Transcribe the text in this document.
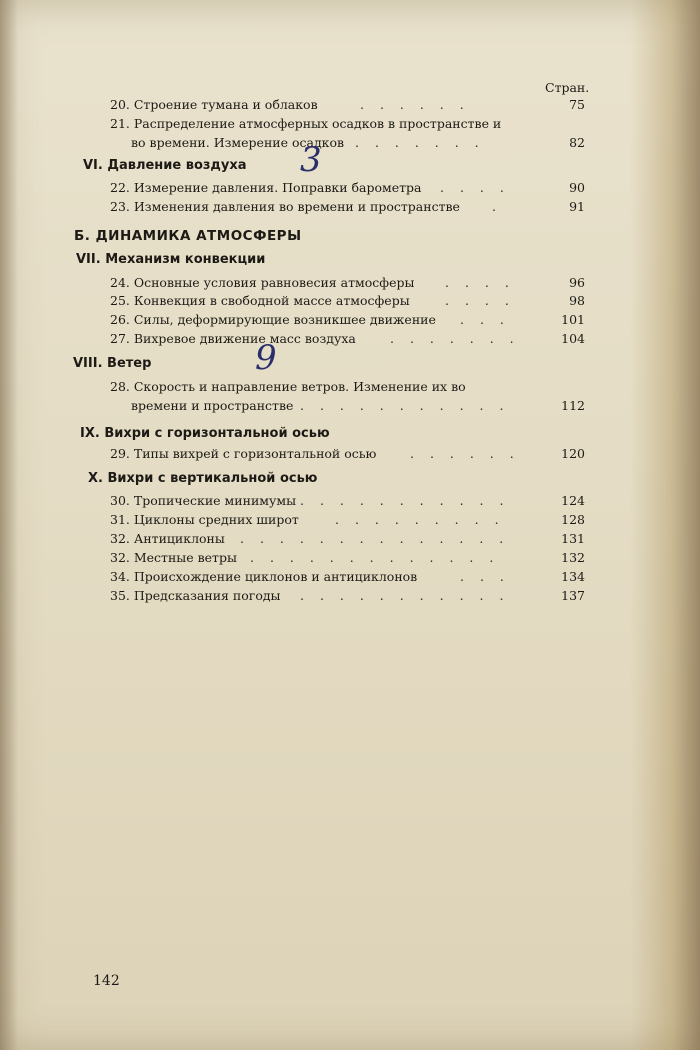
Стран.
20. Строение тумана и облаков	. . . . . .	75
21. Распределение атмосферных осадков в пространстве и
во времени. Измерение осадков . . . . . . .	82
VI. Давление воздуха
22. Измерение давления. Поправки барометра . . . .	90
23. Изменения давления во времени и пространстве	.	91
Б. ДИНАМИКА АТМОСФЕРЫ
VII. Механизм конвекции
24. Основные условия равновесия атмосферы . . . .	96
25. Конвекция в свободной массе атмосферы	. . . .	98
26. Силы, деформирующие возникшее движение . . .	101
27. Вихревое движение масс воздуха	. . . . . . .	104
VIII. Ветер
28. Скорость и направление ветров. Изменение их во
времени и пространстве . . . . . . . . . . .	112
IX. Вихри с горизонтальной осью
29. Типы вихрей с горизонтальной осью	. . . . . .	120
X. Вихри с вертикальной осью
30. Тропические минимумы . . . . . . . . . . .	124
31. Циклоны средних широт	. . . . . . . . .	128
32. Антициклоны . . . . . . . . . . . . . .	131
32. Местные ветры . . . . . . . . . . . . .	132
34. Происхождение циклонов и антициклонов	. . .	134
35. Предсказания погоды . . . . . . . . . . .	137
3
9
142
